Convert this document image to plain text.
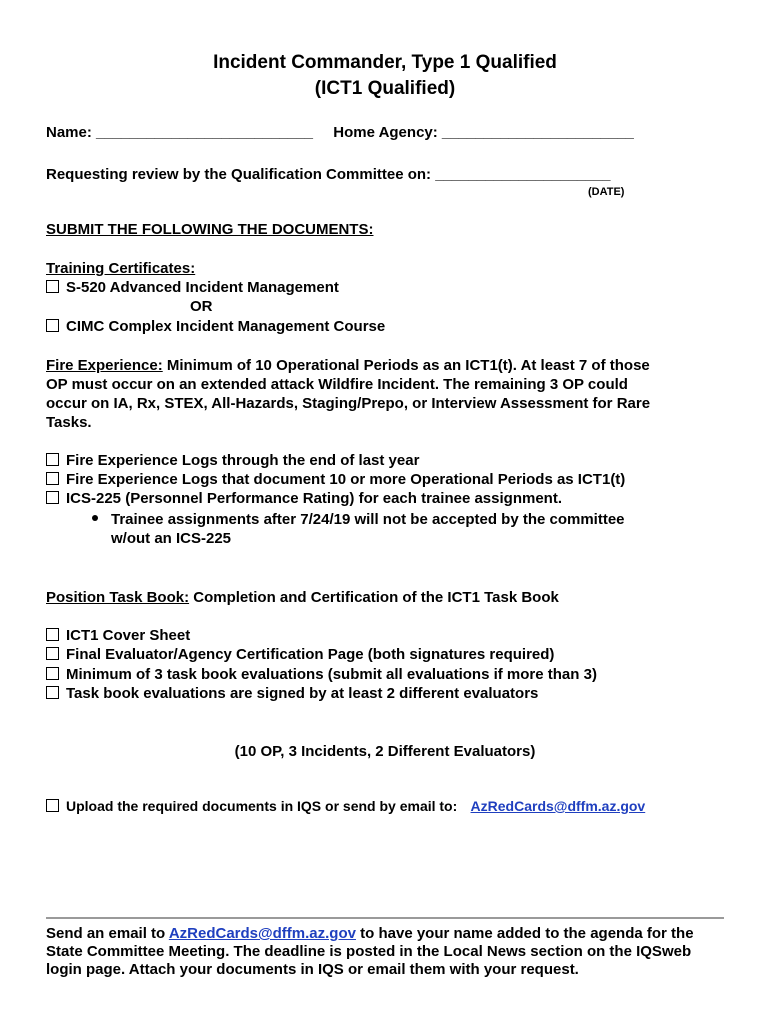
Incident Commander, Type 1 Qualified
(ICT1 Qualified)
Name: __________________________ Home Agency: _______________________
Requesting review by the Qualification Committee on: _____________________
(DATE)
SUBMIT THE FOLLOWING THE DOCUMENTS:
Training Certificates:
S-520 Advanced Incident Management
OR
CIMC Complex Incident Management Course
Fire Experience: Minimum of 10 Operational Periods as an ICT1(t). At least 7 of those
OP must occur on an extended attack Wildfire Incident. The remaining 3 OP could
occur on IA, Rx, STEX, All-Hazards, Staging/Prepo, or Interview Assessment for Rare
Tasks.
Fire Experience Logs through the end of last year
Fire Experience Logs that document 10 or more Operational Periods as ICT1(t)
ICS-225 (Personnel Performance Rating) for each trainee assignment.
Trainee assignments after 7/24/19 will not be accepted by the committee
w/out an ICS-225
Position Task Book: Completion and Certification of the ICT1 Task Book
ICT1 Cover Sheet
Final Evaluator/Agency Certification Page (both signatures required)
Minimum of 3 task book evaluations (submit all evaluations if more than 3)
Task book evaluations are signed by at least 2 different evaluators
(10 OP, 3 Incidents, 2 Different Evaluators)
Upload the required documents in IQS or send by email to: AzRedCards@dffm.az.gov
Send an email to AzRedCards@dffm.az.gov to have your name added to the agenda for the
State Committee Meeting. The deadline is posted in the Local News section on the IQSweb
login page. Attach your documents in IQS or email them with your request.
